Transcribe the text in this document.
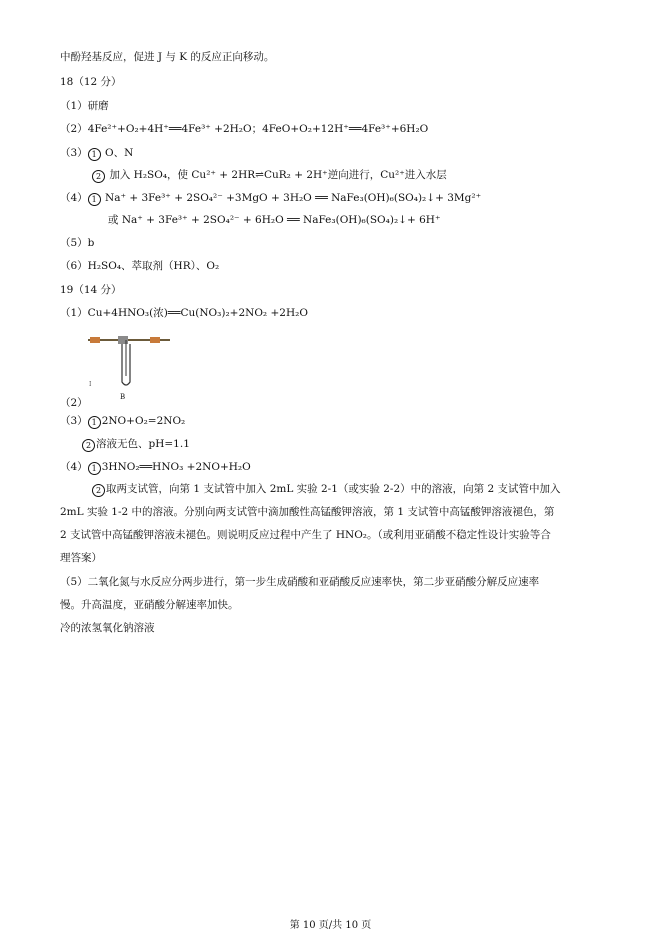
中酚羟基反应，促进 J 与 K 的反应正向移动。
18（12 分）
（1）研磨
（2）4Fe²⁺+O₂+4H⁺══4Fe³⁺ +2H₂O；4FeO+O₂+12H⁺══4Fe³⁺+6H₂O
（3） 1 O、N
2 加入 H₂SO₄，使 Cu²⁺ + 2HR⇌CuR₂ + 2H⁺逆向进行，Cu²⁺进入水层
（4） 1 Na⁺ + 3Fe³⁺ + 2SO₄²⁻ +3MgO + 3H₂O ══ NaFe₃(OH)₆(SO₄)₂↓+ 3Mg²⁺
或 Na⁺ + 3Fe³⁺ + 2SO₄²⁻ + 6H₂O ══ NaFe₃(OH)₆(SO₄)₂↓+ 6H⁺
（5）b
（6）H₂SO₄、萃取剂（HR）、O₂
19（14 分）
（1）Cu+4HNO₃(浓)══Cu(NO₃)₂+2NO₂ +2H₂O
I
B
（2）
（3） 1 2NO+O₂=2NO₂
2 溶液无色、pH=1.1
（4） 1 3HNO₂══HNO₃ +2NO+H₂O
2 取两支试管，向第 1 支试管中加入 2mL 实验 2-1（或实验 2-2）中的溶液，向第 2 支试管中加入
2mL 实验 1-2 中的溶液。分别向两支试管中滴加酸性高锰酸钾溶液，第 1 支试管中高锰酸钾溶液褪色，第
2 支试管中高锰酸钾溶液未褪色。则说明反应过程中产生了 HNO₂。（或利用亚硝酸不稳定性设计实验等合
理答案）
（5）二氧化氮与水反应分两步进行，第一步生成硝酸和亚硝酸反应速率快，第二步亚硝酸分解反应速率
慢。升高温度，亚硝酸分解速率加快。
冷的浓氢氧化钠溶液
第 10 页/共 10 页
